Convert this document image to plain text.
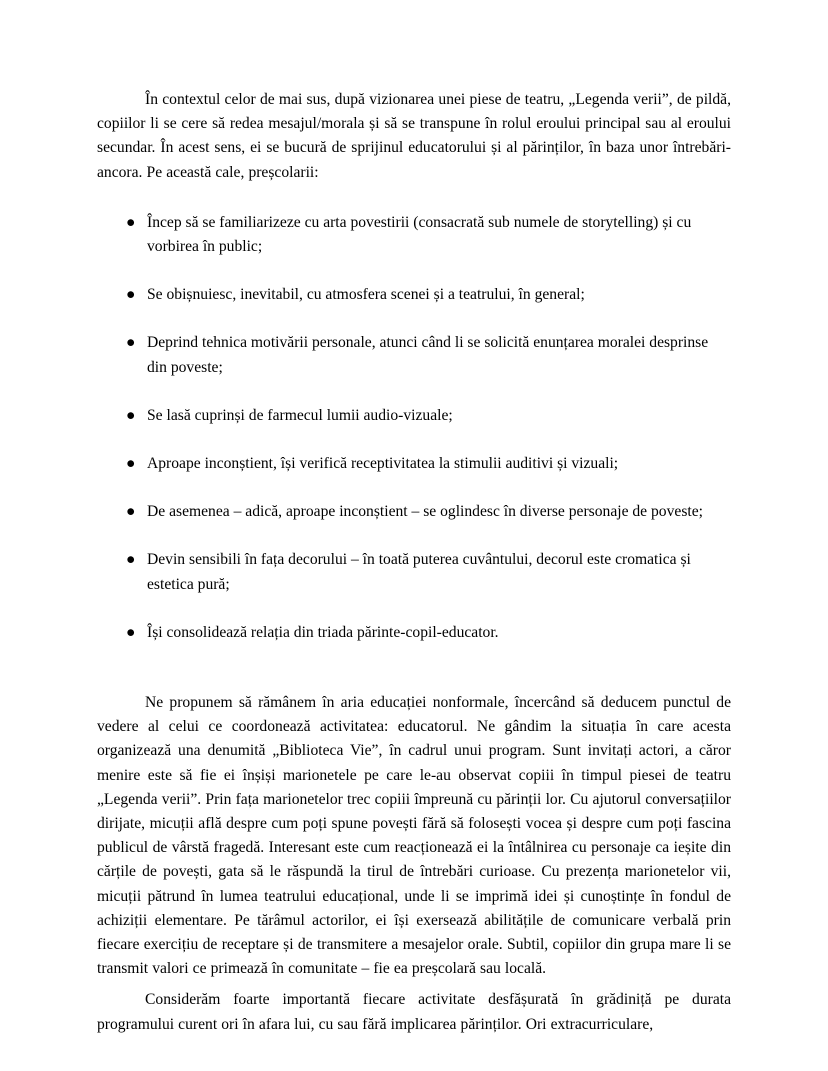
În contextul celor de mai sus, după vizionarea unei piese de teatru, „Legenda verii”, de pildă, copiilor li se cere să redea mesajul/morala și să se transpune în rolul eroului principal sau al eroului secundar. În acest sens, ei se bucură de sprijinul educatorului și al părinților, în baza unor întrebări-ancora. Pe această cale, preșcolarii:

● Încep să se familiarizeze cu arta povestirii (consacrată sub numele de storytelling) și cu vorbirea în public;
● Se obișnuiesc, inevitabil, cu atmosfera scenei și a teatrului, în general;
● Deprind tehnica motivării personale, atunci când li se solicită enunțarea moralei desprinse din poveste;
● Se lasă cuprinși de farmecul lumii audio-vizuale;
● Aproape inconștient, își verifică receptivitatea la stimulii auditivi și vizuali;
● De asemenea – adică, aproape inconștient – se oglindesc în diverse personaje de poveste;
● Devin sensibili în fața decorului – în toată puterea cuvântului, decorul este cromatica și estetica pură;
● Își consolidează relația din triada părinte-copil-educator.

Ne propunem să rămânem în aria educației nonformale, încercând să deducem punctul de vedere al celui ce coordonează activitatea: educatorul. Ne gândim la situația în care acesta organizează una denumită „Biblioteca Vie”, în cadrul unui program. Sunt invitați actori, a căror menire este să fie ei înșiși marionetele pe care le-au observat copiii în timpul piesei de teatru „Legenda verii”. Prin fața marionetelor trec copiii împreună cu părinții lor. Cu ajutorul conversațiilor dirijate, micuții află despre cum poți spune povești fără să folosești vocea și despre cum poți fascina publicul de vârstă fragedă. Interesant este cum reacționează ei la întâlnirea cu personaje ca ieșite din cărțile de povești, gata să le răspundă la tirul de întrebări curioase. Cu prezența marionetelor vii, micuții pătrund în lumea teatrului educațional, unde li se imprimă idei și cunoștințe în fondul de achiziții elementare. Pe tărâmul actorilor, ei își exersează abilitățile de comunicare verbală prin fiecare exercițiu de receptare și de transmitere a mesajelor orale. Subtil, copiilor din grupa mare li se transmit valori ce primează în comunitate – fie ea preșcolară sau locală.

Considerăm foarte importantă fiecare activitate desfășurată în grădiniță pe durata programului curent ori în afara lui, cu sau fără implicarea părinților. Ori extracurriculare,
